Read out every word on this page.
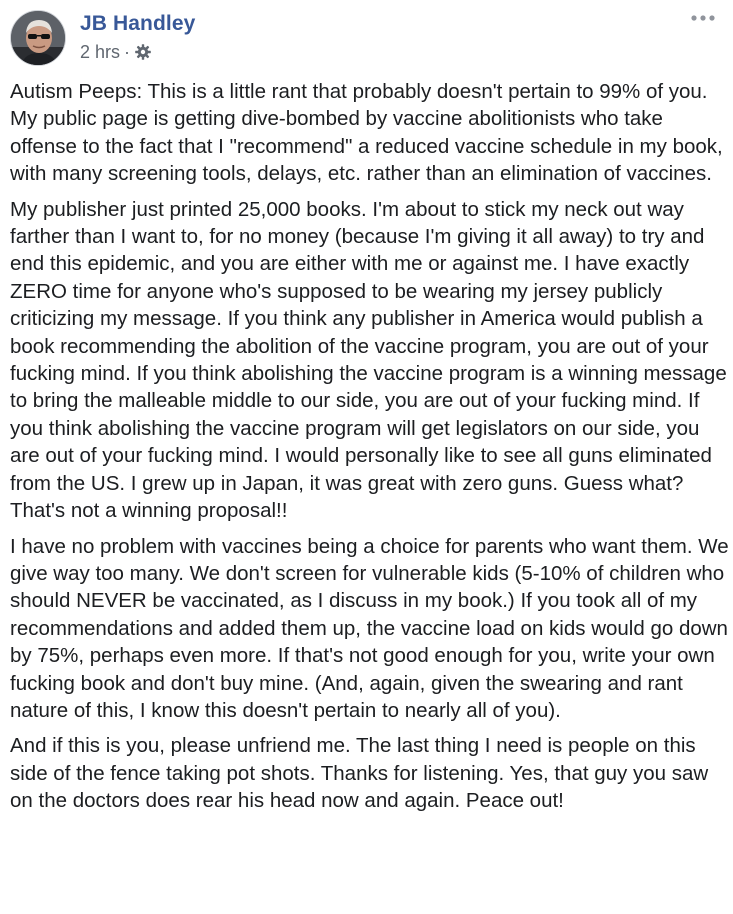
JB Handley
2 hrs ·

Autism Peeps: This is a little rant that probably doesn't pertain to 99% of you. My public page is getting dive-bombed by vaccine abolitionists who take offense to the fact that I "recommend" a reduced vaccine schedule in my book, with many screening tools, delays, etc. rather than an elimination of vaccines.

My publisher just printed 25,000 books. I'm about to stick my neck out way farther than I want to, for no money (because I'm giving it all away) to try and end this epidemic, and you are either with me or against me. I have exactly ZERO time for anyone who's supposed to be wearing my jersey publicly criticizing my message. If you think any publisher in America would publish a book recommending the abolition of the vaccine program, you are out of your fucking mind. If you think abolishing the vaccine program is a winning message to bring the malleable middle to our side, you are out of your fucking mind. If you think abolishing the vaccine program will get legislators on our side, you are out of your fucking mind. I would personally like to see all guns eliminated from the US. I grew up in Japan, it was great with zero guns. Guess what? That's not a winning proposal!!

I have no problem with vaccines being a choice for parents who want them. We give way too many. We don't screen for vulnerable kids (5-10% of children who should NEVER be vaccinated, as I discuss in my book.) If you took all of my recommendations and added them up, the vaccine load on kids would go down by 75%, perhaps even more. If that's not good enough for you, write your own fucking book and don't buy mine. (And, again, given the swearing and rant nature of this, I know this doesn't pertain to nearly all of you).

And if this is you, please unfriend me. The last thing I need is people on this side of the fence taking pot shots. Thanks for listening. Yes, that guy you saw on the doctors does rear his head now and again. Peace out!
